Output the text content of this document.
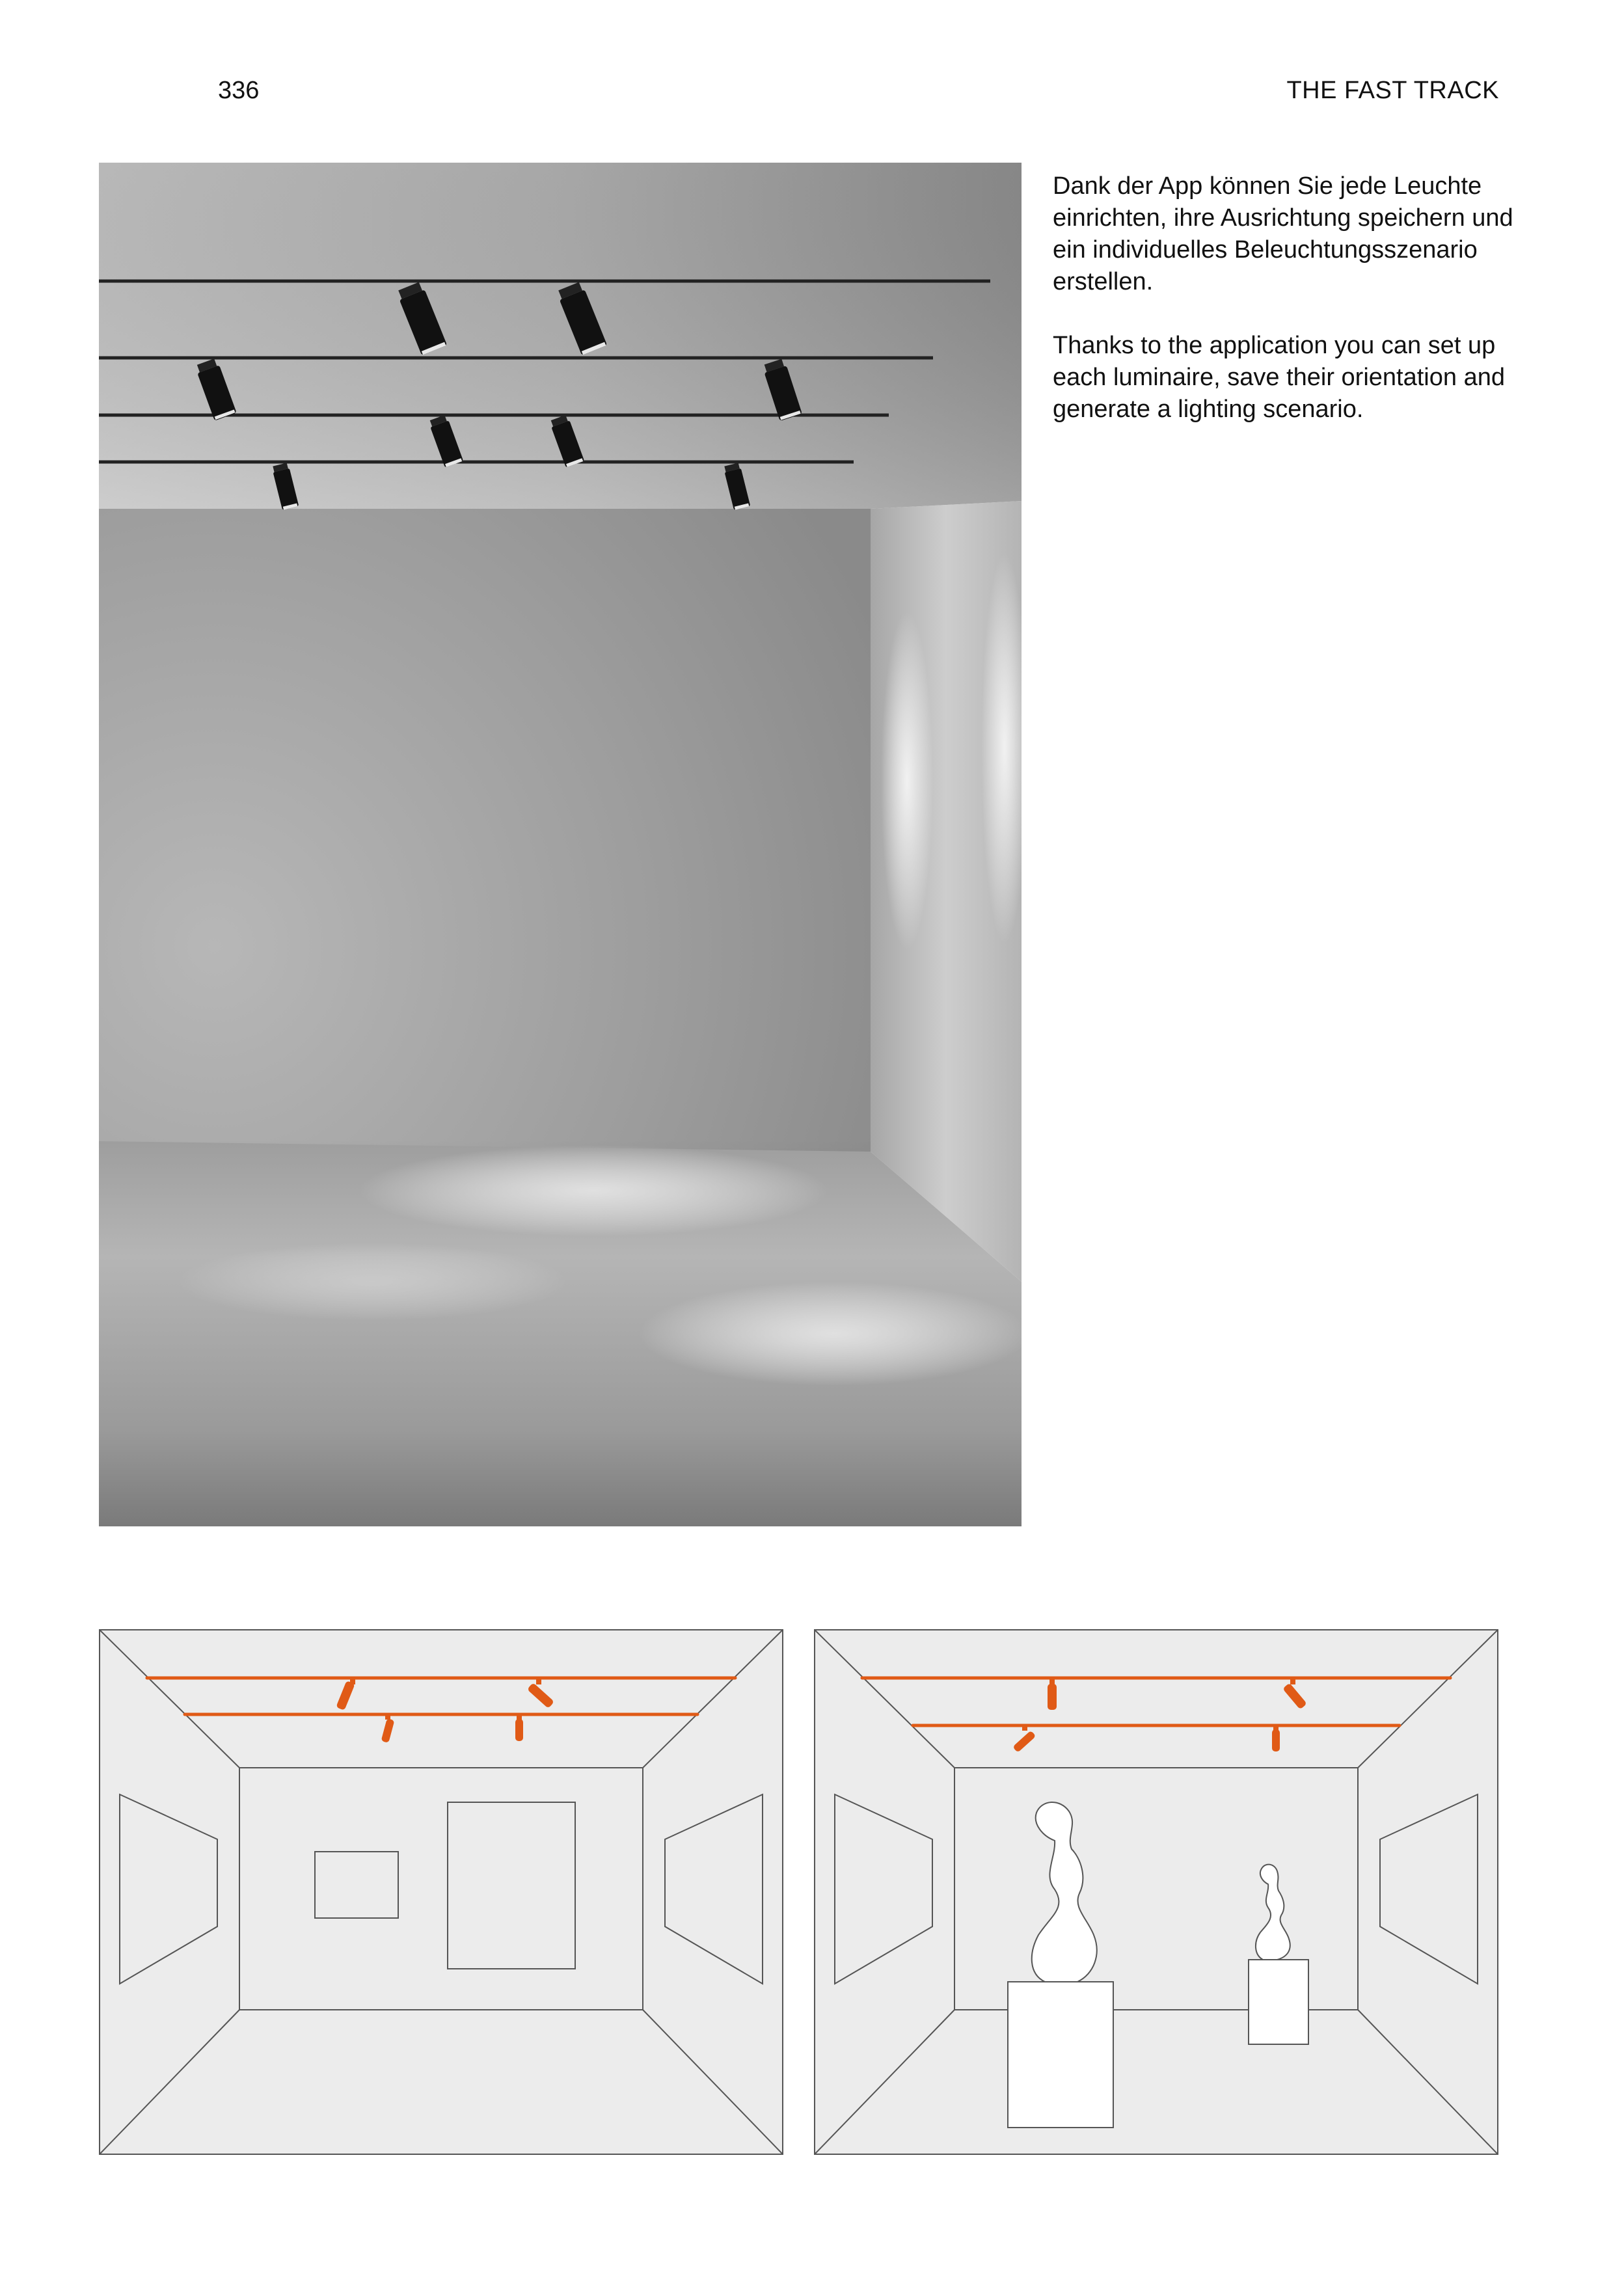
336	THE FAST TRACK

Dank der App können Sie jede Leuchte einrichten, ihre Ausrichtung speichern und ein individuelles Beleuchtungsszenario erstellen.

Thanks to the application you can set up each luminaire, save their orientation and generate a lighting scenario.
